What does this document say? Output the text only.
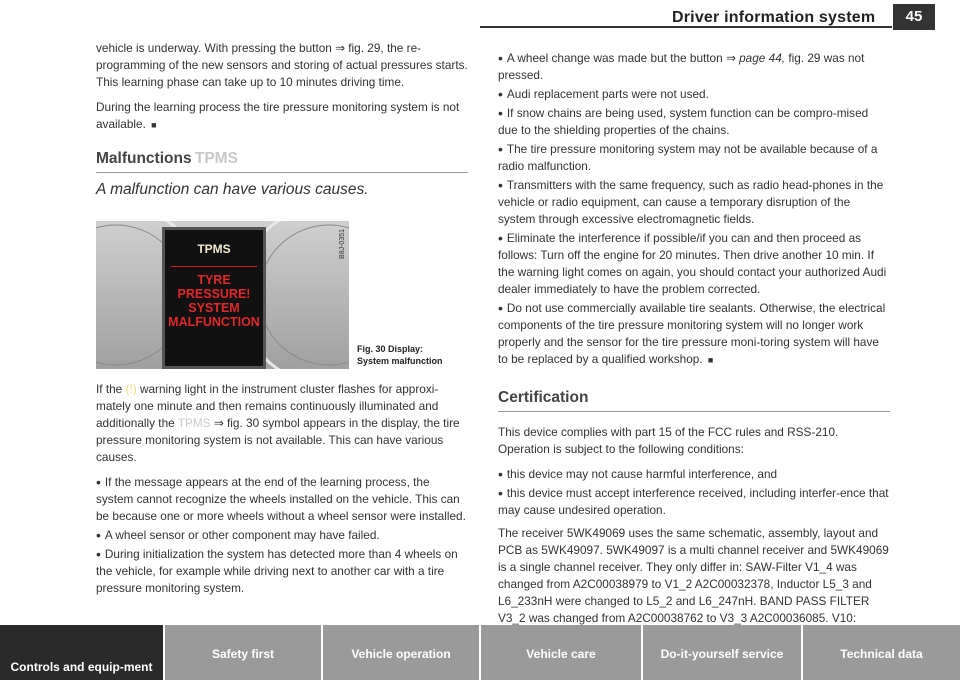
Driver information system	45

vehicle is underway. With pressing the button ⇒ fig. 29, the re-programming of the new sensors and storing of actual pressures starts. This learning phase can take up to 10 minutes driving time.

During the learning process the tire pressure monitoring system is not available. ■

Malfunctions TPMS
A malfunction can have various causes.
TPMS
TYRE
PRESSURE!
SYSTEM
MALFUNCTION
B8J-0351
Fig. 30 Display:
System malfunction

If the (!) warning light in the instrument cluster flashes for approxi-mately one minute and then remains continuously illuminated and additionally the TPMS ⇒ fig. 30 symbol appears in the display, the tire pressure monitoring system is not available. This can have various causes.

• If the message appears at the end of the learning process, the system cannot recognize the wheels installed on the vehicle. This can be because one or more wheels without a wheel sensor were installed.

• A wheel sensor or other component may have failed.

• During initialization the system has detected more than 4 wheels on the vehicle, for example while driving next to another car with a tire pressure monitoring system.

• A wheel change was made but the button ⇒ page 44, fig. 29 was not pressed.

• Audi replacement parts were not used.

• If snow chains are being used, system function can be compro-mised due to the shielding properties of the chains.

• The tire pressure monitoring system may not be available because of a radio malfunction.

• Transmitters with the same frequency, such as radio head-phones in the vehicle or radio equipment, can cause a temporary disruption of the system through excessive electromagnetic fields.

• Eliminate the interference if possible/if you can and then proceed as follows: Turn off the engine for 20 minutes. Then drive another 10 min. If the warning light comes on again, you should contact your authorized Audi dealer immediately to have the problem corrected.

• Do not use commercially available tire sealants. Otherwise, the electrical components of the tire pressure monitoring system will no longer work properly and the sensor for the tire pressure moni-toring system will have to be replaced by a qualified workshop. ■

Certification

This device complies with part 15 of the FCC rules and RSS-210. Operation is subject to the following conditions:

• this device may not cause harmful interference, and

• this device must accept interference received, including interfer-ence that may cause undesired operation.

The receiver 5WK49069 uses the same schematic, assembly, layout and PCB as 5WK49097. 5WK49097 is a multi channel receiver and 5WK49069 is a single channel receiver. They only differ in: SAW-Filter V1_4 was changed from A2C00038979 to V1_2 A2C00032378, Inductor L5_3 and L6_233nH were changed to L5_2 and L6_247nH. BAND PASS FILTER V3_2 was changed from A2C00038762 to V3_3 A2C00036085. V10:

Controls and equip-ment
Safety first	Vehicle operation	Vehicle care	Do-it-yourself service	Technical data
